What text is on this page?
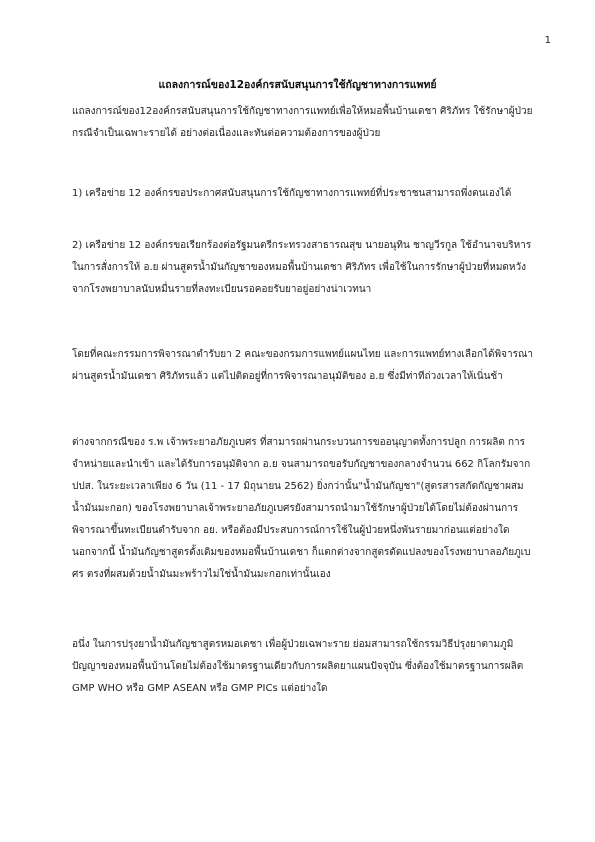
1
แถลงการณ์ของ12องค์กรสนับสนุนการใช้กัญชาทางการแพทย์
แถลงการณ์ของ12องค์กรสนับสนุนการใช้กัญชาทางการแพทย์เพื่อให้หมอพื้นบ้านเดชา ศิริภัทร ใช้รักษาผู้ป่วย
กรณีจำเป็นเฉพาะรายได้ อย่างต่อเนื่องและทันต่อความต้องการของผู้ป่วย
1) เครือข่าย 12 องค์กรขอประกาศสนับสนุนการใช้กัญชาทางการแพทย์ที่ประชาชนสามารถพึ่งตนเองได้
2) เครือข่าย 12 องค์กรขอเรียกร้องต่อรัฐมนตรีกระทรวงสาธารณสุข นายอนุทิน ชาญวีรกูล ใช้อำนาจบริหาร
ในการสั่งการให้ อ.ย ผ่านสูตรน้ำมันกัญชาของหมอพื้นบ้านเดชา ศิริภัทร เพื่อใช้ในการรักษาผู้ป่วยที่หมดหวัง
จากโรงพยาบาลนับหมื่นรายที่ลงทะเบียนรอคอยรับยาอยู่อย่างน่าเวทนา
โดยที่คณะกรรมการพิจารณาตำรับยา 2 คณะของกรมการแพทย์แผนไทย และการแพทย์ทางเลือกได้พิจารณา
ผ่านสูตรน้ำมันเดชา ศิริภัทรแล้ว แต่ไปติดอยู่ที่การพิจารณาอนุมัติของ อ.ย ซึ่งมีท่าทีถ่วงเวลาให้เนิ่นช้า
ต่างจากกรณีของ ร.พ เจ้าพระยาอภัยภูเบศร ที่สามารถผ่านกระบวนการขออนุญาตทั้งการปลูก การผลิต การ
จำหน่ายและนำเข้า และได้รับการอนุมัติจาก อ.ย จนสามารถขอรับกัญชาของกลางจำนวน 662 กิโลกรัมจาก
ปปส. ในระยะเวลาเพียง 6 วัน (11 - 17 มิถุนายน 2562) ยิ่งกว่านั้น"น้ำมันกัญชา"(สูตรสารสกัดกัญชาผสม
น้ำมันมะกอก) ของโรงพยาบาลเจ้าพระยาอภัยภูเบศรยังสามารถนำมาใช้รักษาผู้ป่วยได้โดยไม่ต้องผ่านการ
พิจารณาขึ้นทะเบียนตำรับจาก อย. หรือต้องมีประสบการณ์การใช้ในผู้ป่วยหนึ่งพันรายมาก่อนแต่อย่างใด
นอกจากนี้ น้ำมันกัญชาสูตรดั้งเดิมของหมอพื้นบ้านเดชา ก็แตกต่างจากสูตรดัดแปลงของโรงพยาบาลอภัยภูเบ
ศร ตรงที่ผสมด้วยน้ำมันมะพร้าวไม่ใช่น้ำมันมะกอกเท่านั้นเอง
อนึ่ง ในการปรุงยาน้ำมันกัญชาสูตรหมอเดชา เพื่อผู้ป่วยเฉพาะราย ย่อมสามารถใช้กรรมวิธีปรุงยาตามภูมิ
ปัญญาของหมอพื้นบ้านโดยไม่ต้องใช้มาตรฐานเดียวกับการผลิตยาแผนปัจจุบัน ซึ่งต้องใช้มาตรฐานการผลิต
GMP WHO หรือ GMP ASEAN หรือ GMP PICs แต่อย่างใด
